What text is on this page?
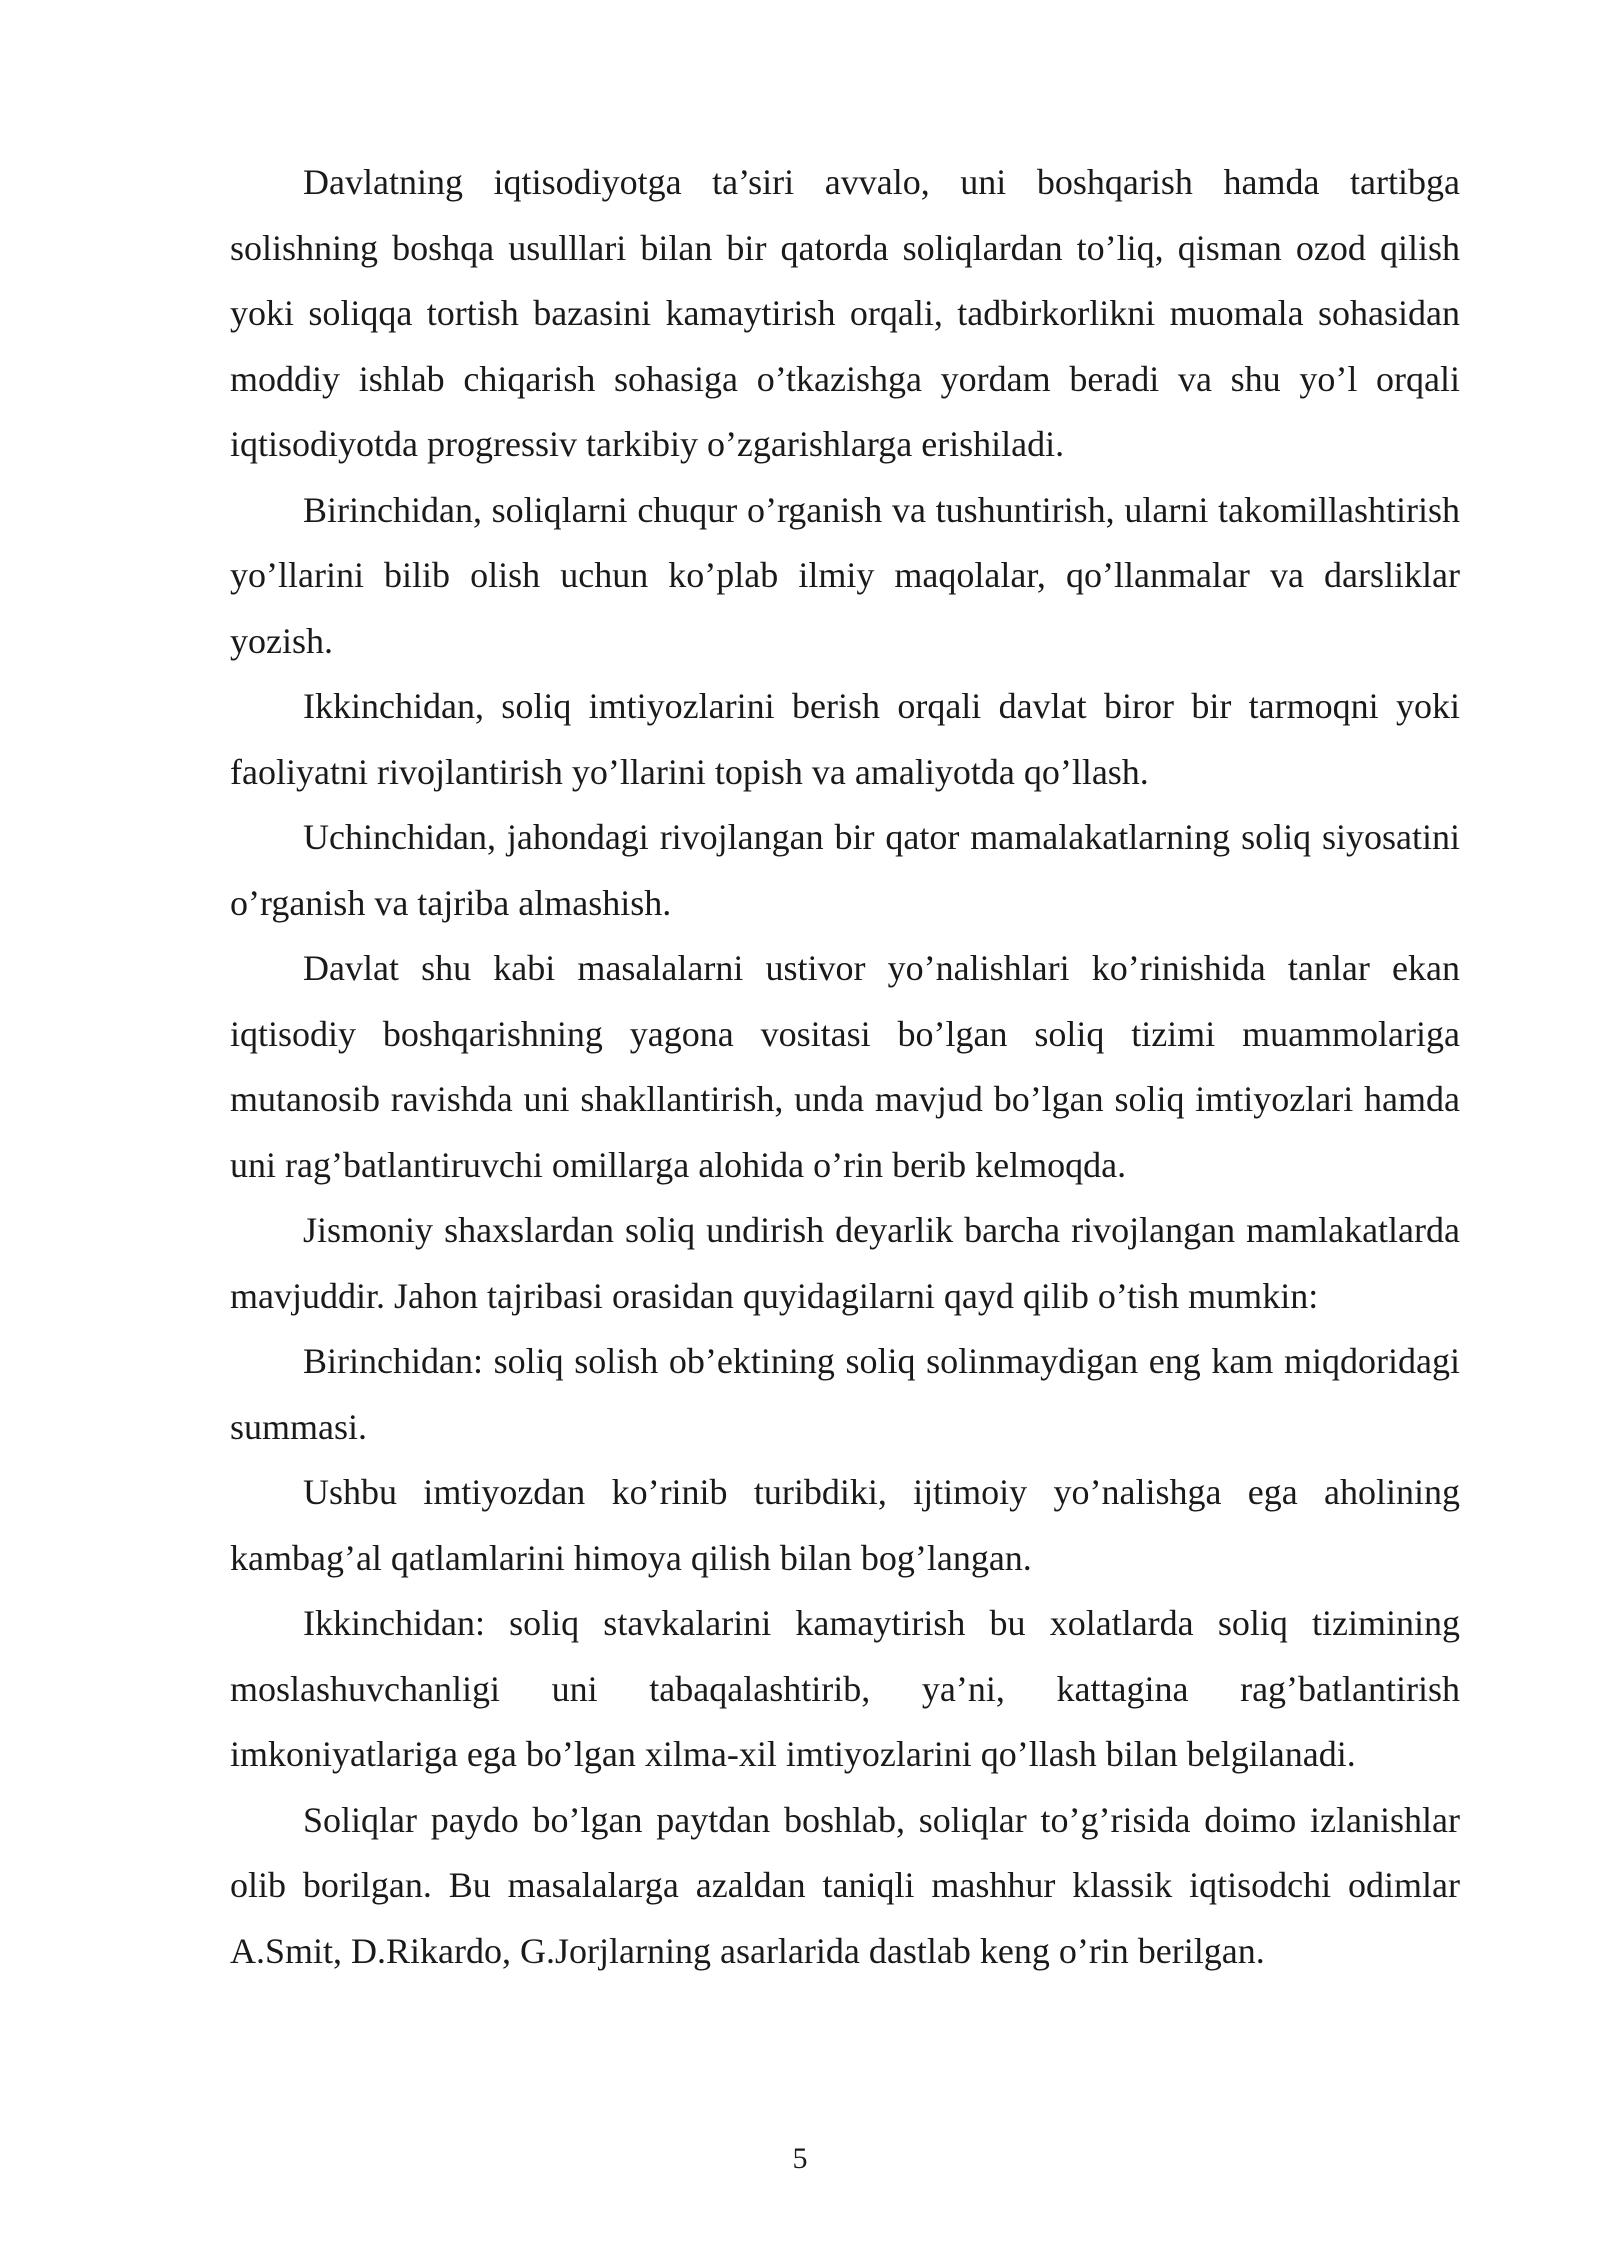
Davlatning iqtisodiyotga ta’siri avvalo, uni boshqarish hamda tartibga solishning boshqa usulllari bilan bir qatorda soliqlardan to’liq, qisman ozod qilish yoki soliqqa tortish bazasini kamaytirish orqali, tadbirkorlikni muomala sohasidan moddiy ishlab chiqarish sohasiga o’tkazishga yordam beradi va shu yo’l orqali iqtisodiyotda progressiv tarkibiy o’zgarishlarga erishiladi.

Birinchidan, soliqlarni chuqur o’rganish va tushuntirish, ularni takomillashtirish yo’llarini bilib olish uchun ko’plab ilmiy maqolalar, qo’llanmalar va darsliklar yozish.

Ikkinchidan, soliq imtiyozlarini berish orqali davlat biror bir tarmoqni yoki faoliyatni rivojlantirish yo’llarini topish va amaliyotda qo’llash.

Uchinchidan, jahondagi rivojlangan bir qator mamalakatlarning soliq siyosatini o’rganish va tajriba almashish.

Davlat shu kabi masalalarni ustivor yo’nalishlari ko’rinishida tanlar ekan iqtisodiy boshqarishning yagona vositasi bo’lgan soliq tizimi muammolariga mutanosib ravishda uni shakllantirish, unda mavjud bo’lgan soliq imtiyozlari hamda uni rag’batlantiruvchi omillarga alohida o’rin berib kelmoqda.

Jismoniy shaxslardan soliq undirish deyarlik barcha rivojlangan mamlakatlarda mavjuddir. Jahon tajribasi orasidan quyidagilarni qayd qilib o’tish mumkin:

Birinchidan: soliq solish ob’ektining soliq solinmaydigan eng kam miqdoridagi summasi.

Ushbu imtiyozdan ko’rinib turibdiki, ijtimoiy yo’nalishga ega aholining kambag’al qatlamlarini himoya qilish bilan bog’langan.

Ikkinchidan: soliq stavkalarini kamaytirish bu xolatlarda soliq tizimining moslashuvchanligi uni tabaqalashtirib, ya’ni, kattagina rag’batlantirish imkoniyatlariga ega bo’lgan xilma-xil imtiyozlarini qo’llash bilan belgilanadi.

Soliqlar paydo bo’lgan paytdan boshlab, soliqlar to’g’risida doimo izlanishlar olib borilgan. Bu masalalarga azaldan taniqli mashhur klassik iqtisodchi odimlar A.Smit, D.Rikardo, G.Jorjlarning asarlarida dastlab keng o’rin berilgan.

5
